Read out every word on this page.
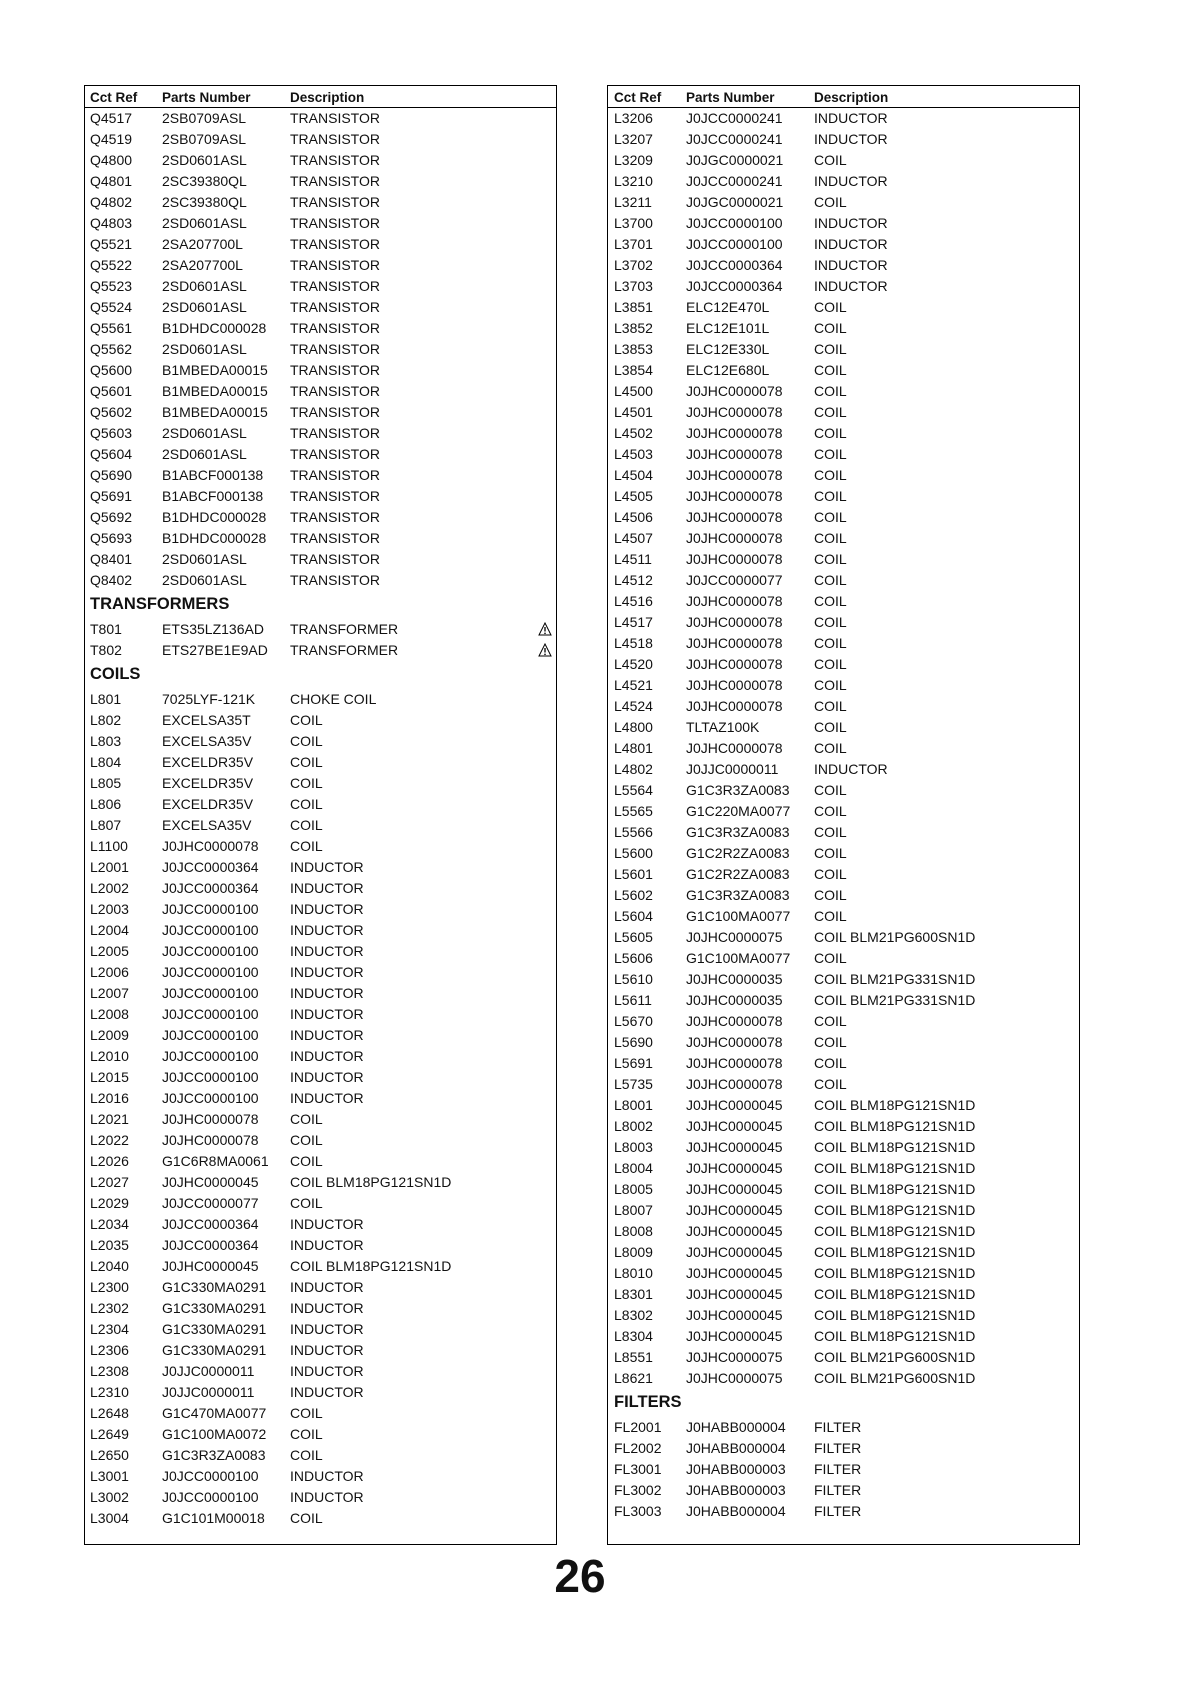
Cct Ref Parts Number	Description
Q4517 2SB0709ASL	TRANSISTOR
Q4519 2SB0709ASL	TRANSISTOR
Q4800 2SD0601ASL	TRANSISTOR
Q4801 2SC39380QL	TRANSISTOR
Q4802 2SC39380QL	TRANSISTOR
Q4803 2SD0601ASL	TRANSISTOR
Q5521 2SA207700L	TRANSISTOR
Q5522 2SA207700L	TRANSISTOR
Q5523 2SD0601ASL	TRANSISTOR
Q5524 2SD0601ASL	TRANSISTOR
Q5561 B1DHDC000028 TRANSISTOR
Q5562 2SD0601ASL	TRANSISTOR
Q5600 B1MBEDA00015 TRANSISTOR
Q5601 B1MBEDA00015 TRANSISTOR
Q5602 B1MBEDA00015 TRANSISTOR
Q5603 2SD0601ASL	TRANSISTOR
Q5604 2SD0601ASL	TRANSISTOR
Q5690 B1ABCF000138 TRANSISTOR
Q5691 B1ABCF000138 TRANSISTOR
Q5692 B1DHDC000028 TRANSISTOR
Q5693 B1DHDC000028 TRANSISTOR
Q8401 2SD0601ASL	TRANSISTOR
Q8402 2SD0601ASL	TRANSISTOR
TRANSFORMERS
T801	ETS35LZ136AD TRANSFORMER
T802	ETS27BE1E9AD TRANSFORMER
COILS
L801	7025LYF-121K CHOKE COIL
L802	EXCELSA35T	COIL
L803	EXCELSA35V	COIL
L804	EXCELDR35V	COIL
L805	EXCELDR35V	COIL
L806	EXCELDR35V	COIL
L807	EXCELSA35V	COIL
L1100 J0JHC0000078 COIL
L2001 J0JCC0000364 INDUCTOR
L2002 J0JCC0000364 INDUCTOR
L2003 J0JCC0000100 INDUCTOR
L2004 J0JCC0000100 INDUCTOR
L2005 J0JCC0000100 INDUCTOR
L2006 J0JCC0000100 INDUCTOR
L2007 J0JCC0000100 INDUCTOR
L2008 J0JCC0000100 INDUCTOR
L2009 J0JCC0000100 INDUCTOR
L2010 J0JCC0000100 INDUCTOR
L2015 J0JCC0000100 INDUCTOR
L2016 J0JCC0000100 INDUCTOR
L2021 J0JHC0000078 COIL
L2022 J0JHC0000078 COIL
L2026 G1C6R8MA0061 COIL
L2027 J0JHC0000045 COIL BLM18PG121SN1D
L2029 J0JCC0000077 COIL
L2034 J0JCC0000364 INDUCTOR
L2035 J0JCC0000364 INDUCTOR
L2040 J0JHC0000045 COIL BLM18PG121SN1D
L2300 G1C330MA0291 INDUCTOR
L2302 G1C330MA0291 INDUCTOR
L2304 G1C330MA0291 INDUCTOR
L2306 G1C330MA0291 INDUCTOR
L2308 J0JJC0000011	INDUCTOR
L2310 J0JJC0000011	INDUCTOR
L2648 G1C470MA0077 COIL
L2649 G1C100MA0072 COIL
L2650 G1C3R3ZA0083 COIL
L3001 J0JCC0000100 INDUCTOR
L3002 J0JCC0000100 INDUCTOR
L3004 G1C101M00018 COIL
Cct Ref Parts Number	Description
L3206 J0JCC0000241 INDUCTOR
L3207 J0JCC0000241 INDUCTOR
L3209 J0JGC0000021 COIL
L3210 J0JCC0000241 INDUCTOR
L3211 J0JGC0000021 COIL
L3700 J0JCC0000100 INDUCTOR
L3701 J0JCC0000100 INDUCTOR
L3702 J0JCC0000364 INDUCTOR
L3703 J0JCC0000364 INDUCTOR
L3851 ELC12E470L	COIL
L3852 ELC12E101L	COIL
L3853 ELC12E330L	COIL
L3854 ELC12E680L	COIL
L4500 J0JHC0000078 COIL
L4501 J0JHC0000078 COIL
L4502 J0JHC0000078 COIL
L4503 J0JHC0000078 COIL
L4504 J0JHC0000078 COIL
L4505 J0JHC0000078 COIL
L4506 J0JHC0000078 COIL
L4507 J0JHC0000078 COIL
L4511 J0JHC0000078 COIL
L4512 J0JCC0000077 COIL
L4516 J0JHC0000078 COIL
L4517 J0JHC0000078 COIL
L4518 J0JHC0000078 COIL
L4520 J0JHC0000078 COIL
L4521 J0JHC0000078 COIL
L4524 J0JHC0000078 COIL
L4800 TLTAZ100K	COIL
L4801 J0JHC0000078 COIL
L4802 J0JJC0000011	INDUCTOR
L5564 G1C3R3ZA0083 COIL
L5565 G1C220MA0077 COIL
L5566 G1C3R3ZA0083 COIL
L5600 G1C2R2ZA0083 COIL
L5601 G1C2R2ZA0083 COIL
L5602 G1C3R3ZA0083 COIL
L5604 G1C100MA0077 COIL
L5605 J0JHC0000075 COIL BLM21PG600SN1D
L5606 G1C100MA0077 COIL
L5610 J0JHC0000035 COIL BLM21PG331SN1D
L5611 J0JHC0000035 COIL BLM21PG331SN1D
L5670 J0JHC0000078 COIL
L5690 J0JHC0000078 COIL
L5691 J0JHC0000078 COIL
L5735 J0JHC0000078 COIL
L8001 J0JHC0000045 COIL BLM18PG121SN1D
L8002 J0JHC0000045 COIL BLM18PG121SN1D
L8003 J0JHC0000045 COIL BLM18PG121SN1D
L8004 J0JHC0000045 COIL BLM18PG121SN1D
L8005 J0JHC0000045 COIL BLM18PG121SN1D
L8007 J0JHC0000045 COIL BLM18PG121SN1D
L8008 J0JHC0000045 COIL BLM18PG121SN1D
L8009 J0JHC0000045 COIL BLM18PG121SN1D
L8010 J0JHC0000045 COIL BLM18PG121SN1D
L8301 J0JHC0000045 COIL BLM18PG121SN1D
L8302 J0JHC0000045 COIL BLM18PG121SN1D
L8304 J0JHC0000045 COIL BLM18PG121SN1D
L8551 J0JHC0000075 COIL BLM21PG600SN1D
L8621 J0JHC0000075 COIL BLM21PG600SN1D
FILTERS
FL2001 J0HABB000004 FILTER
FL2002 J0HABB000004 FILTER
FL3001 J0HABB000003 FILTER
FL3002 J0HABB000003 FILTER
FL3003 J0HABB000004 FILTER
26
